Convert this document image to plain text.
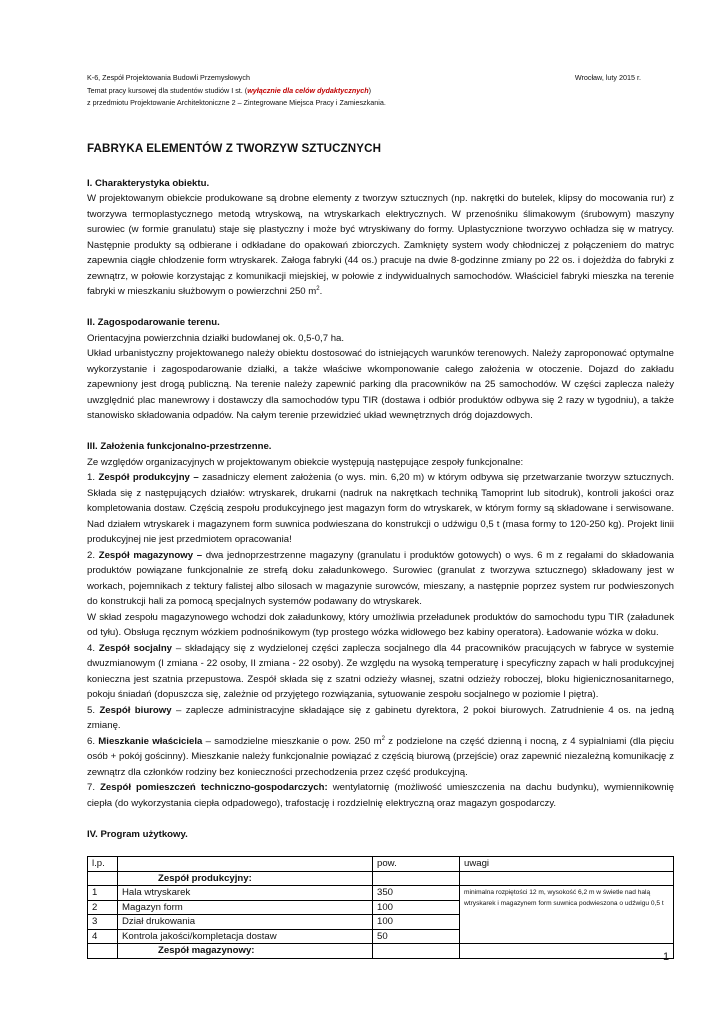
K-6, Zespół Projektowania Budowli Przemysłowych
Temat pracy kursowej dla studentów studiów I st. (wyłącznie dla celów dydaktycznych)
z przedmiotu Projektowanie Architektoniczne 2 – Zintegrowane Miejsca Pracy i Zamieszkania.
Wrocław, luty 2015 r.
FABRYKA ELEMENTÓW Z TWORZYW SZTUCZNYCH
I. Charakterystyka obiektu.

W projektowanym obiekcie produkowane są drobne elementy z tworzyw sztucznych (np. nakrętki do butelek, klipsy do mocowania rur) z tworzywa termoplastycznego metodą wtryskową, na wtryskarkach elektrycznych. W przenośniku ślimakowym (śrubowym) maszyny surowiec (w formie granulatu) staje się plastyczny i może być wtryskiwany do formy. Uplastycznione tworzywo ochładza się w matrycy. Następnie produkty są odbierane i odkładane do opakowań zbiorczych. Zamknięty system wody chłodniczej z połączeniem do matryc zapewnia ciągłe chłodzenie form wtryskarek. Załoga fabryki (44 os.) pracuje na dwie 8-godzinne zmiany po 22 os. i dojeżdża do fabryki z zewnątrz, w połowie korzystając z komunikacji miejskiej, w połowie z indywidualnych samochodów. Właściciel fabryki mieszka na terenie fabryki w mieszkaniu służbowym o powierzchni 250 $m^2$.

II. Zagospodarowanie terenu.

Orientacyjna powierzchnia działki budowlanej ok. 0,5-0,7 ha.

Układ urbanistyczny projektowanego należy obiektu dostosować do istniejących warunków terenowych. Należy zaproponować optymalne wykorzystanie i zagospodarowanie działki, a także właściwe wkomponowanie całego założenia w otoczenie. Dojazd do zakładu zapewniony jest drogą publiczną. Na terenie należy zapewnić parking dla pracowników na 25 samochodów. W części zaplecza należy uwzględnić plac manewrowy i dostawczy dla samochodów typu TIR (dostawa i odbiór produktów odbywa się 2 razy w tygodniu), a także stanowisko składowania odpadów. Na całym terenie przewidzieć układ wewnętrznych dróg dojazdowych.

III. Założenia funkcjonalno-przestrzenne.

Ze względów organizacyjnych w projektowanym obiekcie występują następujące zespoły funkcjonalne:

1. Zespół produkcyjny – zasadniczy element założenia (o wys. min. 6,20 m) w którym odbywa się przetwarzanie tworzyw sztucznych. Składa się z następujących działów: wtryskarek, drukarni (nadruk na nakrętkach techniką Tamoprint lub sitodruk), kontroli jakości oraz kompletowania dostaw. Częścią zespołu produkcyjnego jest magazyn form do wtryskarek, w którym formy są składowane i serwisowane. Nad działem wtryskarek i magazynem form suwnica podwieszana do konstrukcji o udźwigu 0,5 t (masa formy to 120-250 kg). Projekt linii produkcyjnej nie jest przedmiotem opracowania!

2. Zespół magazynowy – dwa jednoprzestrzenne magazyny (granulatu i produktów gotowych) o wys. 6 m z regałami do składowania produktów powiązane funkcjonalnie ze strefą doku załadunkowego. Surowiec (granulat z tworzywa sztucznego) składowany jest w workach, pojemnikach z tektury falistej albo silosach w magazynie surowców, mieszany, a następnie poprzez system rur podwieszonych do konstrukcji hali za pomocą specjalnych systemów podawany do wtryskarek.

W skład zespołu magazynowego wchodzi dok załadunkowy, który umożliwia przeładunek produktów do samochodu typu TIR (załadunek od tyłu). Obsługa ręcznym wózkiem podnośnikowym (typ prostego wózka widłowego bez kabiny operatora). Ładowanie wózka w doku.

4. Zespół socjalny – składający się z wydzielonej części zaplecza socjalnego dla 44 pracowników pracujących w fabryce w systemie dwuzmianowym (I zmiana - 22 osoby, II zmiana - 22 osoby). Ze względu na wysoką temperaturę i specyficzny zapach w hali produkcyjnej konieczna jest szatnia przepustowa. Zespół składa się z szatni odzieży własnej, szatni odzieży roboczej, bloku higienicznosanitarnego, pokoju śniadań (dopuszcza się, zależnie od przyjętego rozwiązania, sytuowanie zespołu socjalnego w poziomie I piętra).

5. Zespół biurowy – zaplecze administracyjne składające się z gabinetu dyrektora, 2 pokoi biurowych. Zatrudnienie 4 os. na jedną zmianę.

6. Mieszkanie właściciela – samodzielne mieszkanie o pow. 250 $m^2$ z podzielone na część dzienną i nocną, z 4 sypialniami (dla pięciu osób + pokój gościnny). Mieszkanie należy funkcjonalnie powiązać z częścią biurową (przejście) oraz zapewnić niezależną komunikację z zewnątrz dla członków rodziny bez konieczności przechodzenia przez część produkcyjną.

7. Zespół pomieszczeń techniczno-gospodarczych: wentylatornię (możliwość umieszczenia na dachu budynku), wymiennikownię ciepła (do wykorzystania ciepła odpadowego), trafostację i rozdzielnię elektryczną oraz magazyn gospodarczy.

IV. Program użytkowy.
l.p.		pow.	uwagi
	Zespół produkcyjny:		
1	Hala wtryskarek	350	minimalna rozpiętości 12 m, wysokość 6,2 m w świetle nad halą wtryskarek i magazynem form suwnica podwieszona o udźwigu 0,5 t
2	Magazyn form	100	
3	Dział drukowania	100	
4	Kontrola jakości/kompletacja dostaw	50	
	Zespół magazynowy:		
1
